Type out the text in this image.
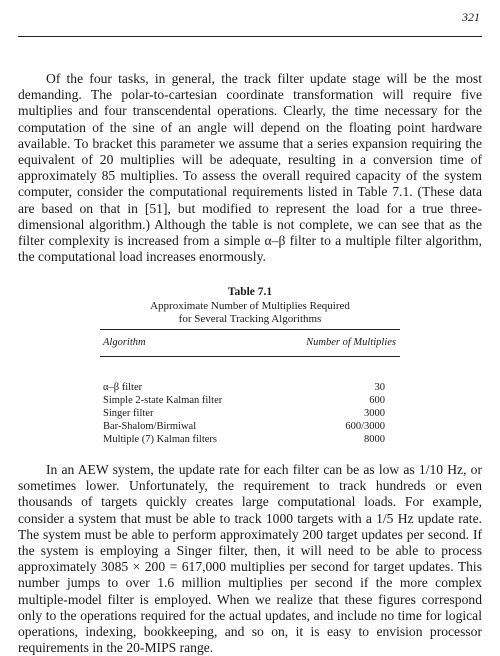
321

Of the four tasks, in general, the track filter update stage will be the most demanding. The polar-to-cartesian coordinate transformation will require five multiplies and four transcendental operations. Clearly, the time necessary for the computation of the sine of an angle will depend on the floating point hardware available. To bracket this parameter we assume that a series expansion requiring the equivalent of 20 multiplies will be adequate, resulting in a conversion time of approximately 85 multiplies. To assess the overall required capacity of the system computer, consider the computational requirements listed in Table 7.1. (These data are based on that in [51], but modified to represent the load for a true three-dimensional algorithm.) Although the table is not complete, we can see that as the filter complexity is increased from a simple α–β filter to a multiple filter algorithm, the computational load increases enormously.

Table 7.1
Approximate Number of Multiplies Required for Several Tracking Algorithms
Algorithm	Number of Multiplies
α–β filter	30
Simple 2-state Kalman filter	600
Singer filter	3000
Bar-Shalom/Birmiwal	600/3000
Multiple (7) Kalman filters	8000

In an AEW system, the update rate for each filter can be as low as 1/10 Hz, or sometimes lower. Unfortunately, the requirement to track hundreds or even thousands of targets quickly creates large computational loads. For example, consider a system that must be able to track 1000 targets with a 1/5 Hz update rate. The system must be able to perform approximately 200 target updates per second. If the system is employing a Singer filter, then, it will need to be able to process approximately 3085 × 200 = 617,000 multiplies per second for target updates. This number jumps to over 1.6 million multiplies per second if the more complex multiple-model filter is employed. When we realize that these figures correspond only to the operations required for the actual updates, and include no time for logical operations, indexing, bookkeeping, and so on, it is easy to envision processor requirements in the 20-MIPS range.
